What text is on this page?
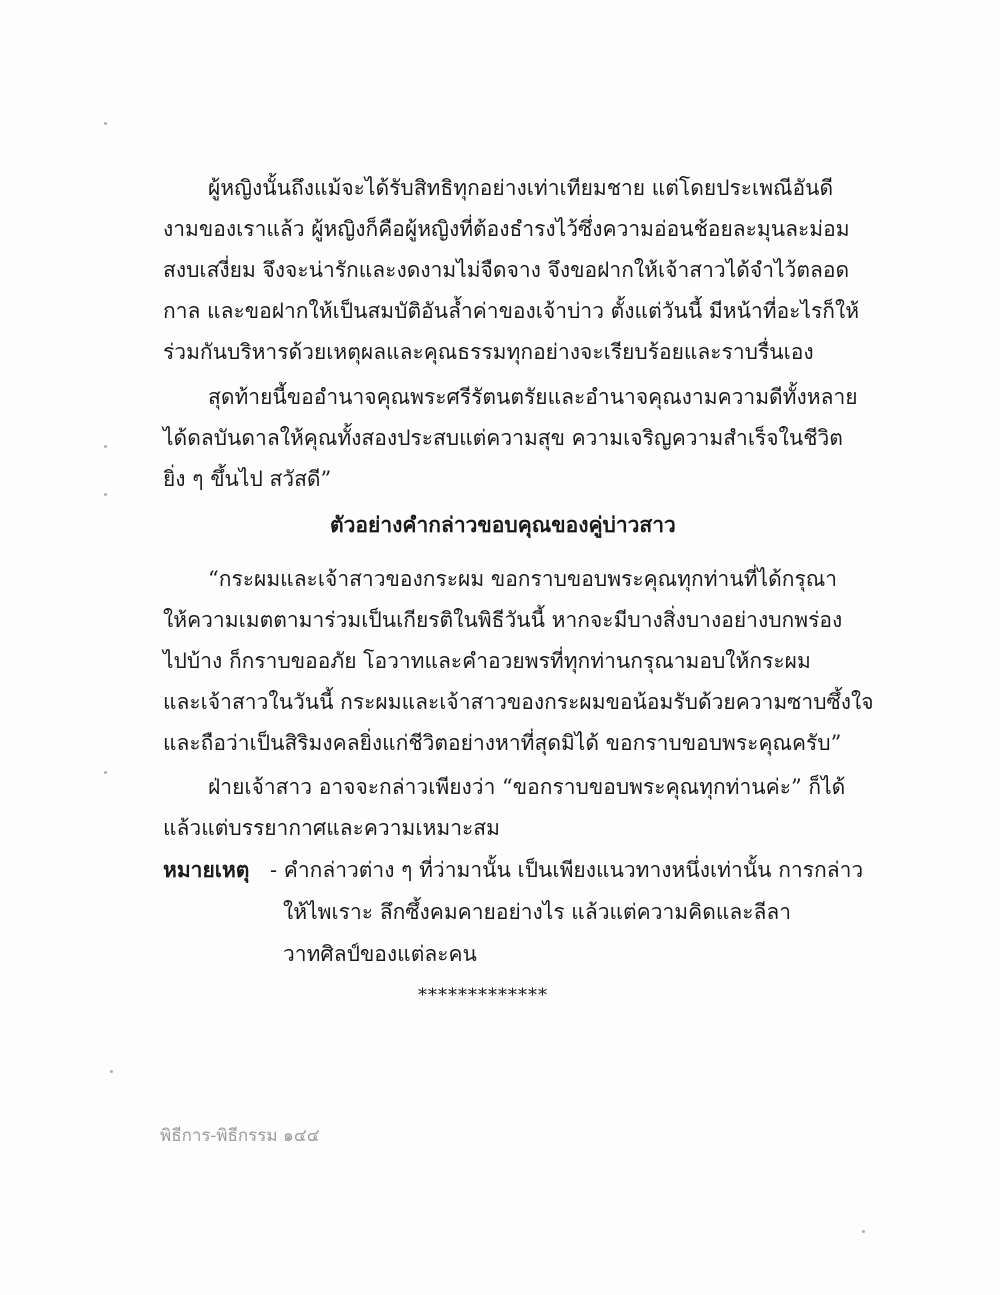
ผู้หญิงนั้นถึงแม้จะได้รับสิทธิทุกอย่างเท่าเทียมชาย แต่โดยประเพณีอันดี
งามของเราแล้ว ผู้หญิงก็คือผู้หญิงที่ต้องธำรงไว้ซึ่งความอ่อนช้อยละมุนละม่อม
สงบเสงี่ยม จึงจะน่ารักและงดงามไม่จืดจาง จึงขอฝากให้เจ้าสาวได้จำไว้ตลอด
กาล และขอฝากให้เป็นสมบัติอันล้ำค่าของเจ้าบ่าว ตั้งแต่วันนี้ มีหน้าที่อะไรก็ให้
ร่วมกันบริหารด้วยเหตุผลและคุณธรรมทุกอย่างจะเรียบร้อยและราบรื่นเอง
สุดท้ายนี้ขออำนาจคุณพระศรีรัตนตรัยและอำนาจคุณงามความดีทั้งหลาย
ได้ดลบันดาลให้คุณทั้งสองประสบแต่ความสุข ความเจริญความสำเร็จในชีวิต
ยิ่ง ๆ ขึ้นไป สวัสดี”
ตัวอย่างคำกล่าวขอบคุณของคู่บ่าวสาว
“กระผมและเจ้าสาวของกระผม ขอกราบขอบพระคุณทุกท่านที่ได้กรุณา
ให้ความเมตตามาร่วมเป็นเกียรติในพิธีวันนี้ หากจะมีบางสิ่งบางอย่างบกพร่อง
ไปบ้าง ก็กราบขออภัย โอวาทและคำอวยพรที่ทุกท่านกรุณามอบให้กระผม
และเจ้าสาวในวันนี้ กระผมและเจ้าสาวของกระผมขอน้อมรับด้วยความซาบซึ้งใจ
และถือว่าเป็นสิริมงคลยิ่งแก่ชีวิตอย่างหาที่สุดมิได้ ขอกราบขอบพระคุณครับ”
ฝ่ายเจ้าสาว อาจจะกล่าวเพียงว่า “ขอกราบขอบพระคุณทุกท่านค่ะ” ก็ได้
แล้วแต่บรรยากาศและความเหมาะสม
หมายเหตุ - คำกล่าวต่าง ๆ ที่ว่ามานั้น เป็นเพียงแนวทางหนึ่งเท่านั้น การกล่าว
ให้ไพเราะ ลึกซึ้งคมคายอย่างไร แล้วแต่ความคิดและลีลา
วาทศิลป์ของแต่ละคน
*************
พิธีการ-พิธีกรรม ๑๔๔
